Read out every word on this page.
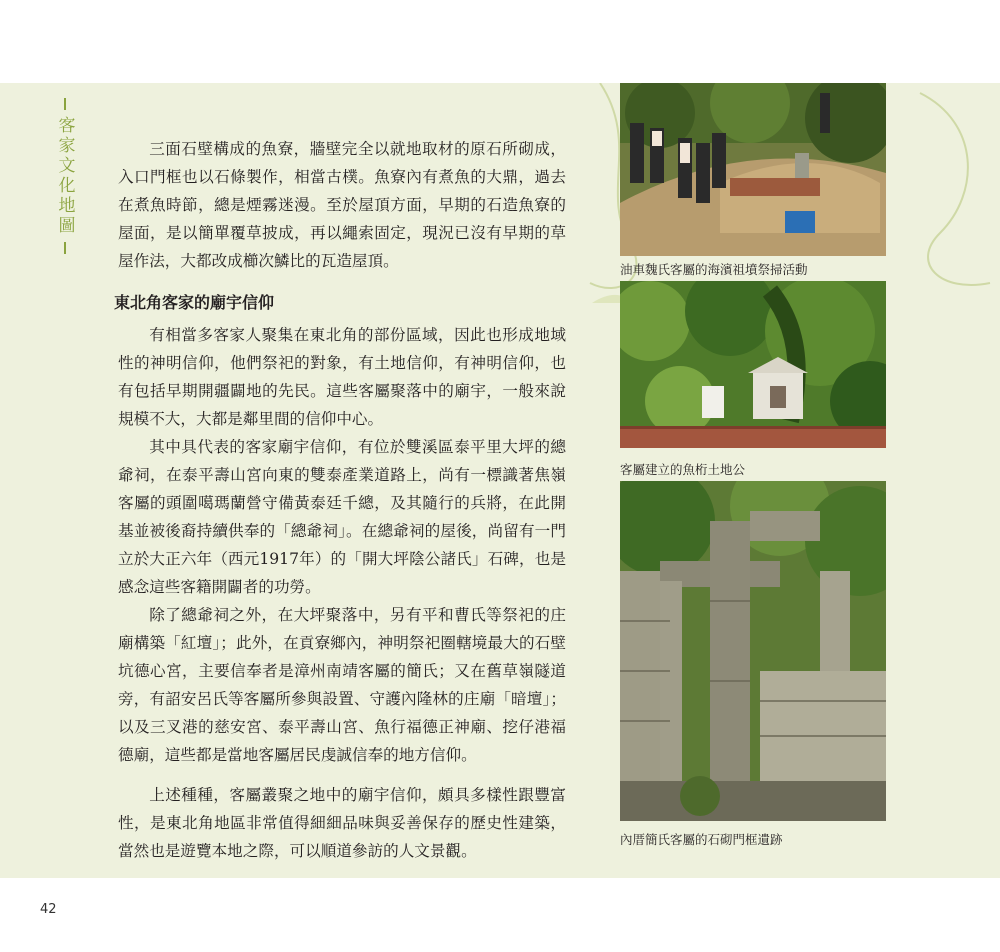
客家文化地圖	三面石壁構成的魚寮，牆壁完全以就地取材的原石所砌成，入口門框也以石條製作，相當古樸。魚寮內有煮魚的大鼎，過去在煮魚時節，總是煙霧迷漫。至於屋頂方面，早期的石造魚寮的屋面，是以簡單覆草披成，再以繩索固定，現況已沒有早期的草屋作法，大都改成櫛次鱗比的瓦造屋頂。

東北角客家的廟宇信仰

有相當多客家人聚集在東北角的部份區域，因此也形成地域性的神明信仰，他們祭祀的對象，有土地信仰，有神明信仰，也有包括早期開疆闢地的先民。這些客屬聚落中的廟宇，一般來說規模不大，大都是鄰里間的信仰中心。

其中具代表的客家廟宇信仰，有位於雙溪區泰平里大坪的總爺祠，在泰平壽山宮向東的雙泰產業道路上，尚有一標識著焦嶺客屬的頭圍噶瑪蘭營守備黃泰廷千總，及其隨行的兵將，在此開基並被後裔持續供奉的「總爺祠」。在總爺祠的屋後，尚留有一門立於大正六年（西元1917年）的「開大坪陰公諸氏」石碑，也是感念這些客籍開闢者的功勞。

除了總爺祠之外，在大坪聚落中，另有平和曹氏等祭祀的庄廟構築「紅壇」；此外，在貢寮鄉內，神明祭祀圈轄境最大的石壁坑德心宮，主要信奉者是漳州南靖客屬的簡氏；又在舊草嶺隧道旁，有詔安呂氏等客屬所參與設置、守護內隆林的庄廟「暗壇」；以及三叉港的慈安宮、泰平壽山宮、魚行福德正神廟、挖仔港福德廟，這些都是當地客屬居民虔誠信奉的地方信仰。

上述種種，客屬叢聚之地中的廟宇信仰，頗具多樣性跟豐富性，是東北角地區非常值得細細品味與妥善保存的歷史性建築，當然也是遊覽本地之際，可以順道參訪的人文景觀。

油車魏氏客屬的海濱祖墳祭掃活動
客屬建立的魚桁土地公
內厝簡氏客屬的石砌門框遺跡
42
